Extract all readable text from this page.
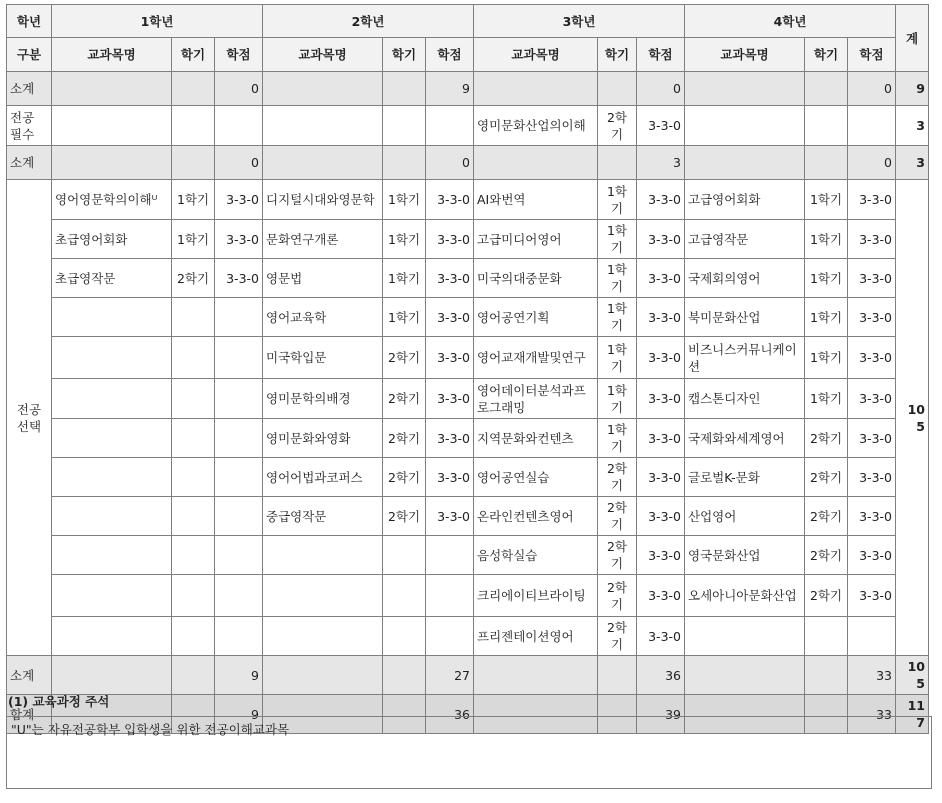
학년	1학년			2학년			3학년			4학년			계
구분	교과목명	학기	학점	교과목명	학기	학점	교과목명	학기	학점	교과목명	학기	학점	
소계			0			9			0			0	9
전공
필수							영미문화산업의이해	2학기	3-3-0				3
소계			0			0			3			0	3
전공
선택	영어영문학의이해ᵁ	1학기	3-3-0	디지털시대와영문학	1학기	3-3-0	AI와번역	1학기	3-3-0	고급영어회화	1학기	3-3-0	105
	초급영어회화	1학기	3-3-0	문화연구개론	1학기	3-3-0	고급미디어영어	1학기	3-3-0	고급영작문	1학기	3-3-0	
	초급영작문	2학기	3-3-0	영문법	1학기	3-3-0	미국의대중문화	1학기	3-3-0	국제회의영어	1학기	3-3-0	
				영어교육학	1학기	3-3-0	영어공연기획	1학기	3-3-0	북미문화산업	1학기	3-3-0	
				미국학입문	2학기	3-3-0	영어교재개발및연구	1학기	3-3-0	비즈니스커뮤니케이션	1학기	3-3-0	
				영미문학의배경	2학기	3-3-0	영어데이터분석과프로그래밍	1학기	3-3-0	캡스톤디자인	1학기	3-3-0	
				영미문화와영화	2학기	3-3-0	지역문화와컨텐츠	1학기	3-3-0	국제화와세계영어	2학기	3-3-0	
				영어어법과코퍼스	2학기	3-3-0	영어공연실습	2학기	3-3-0	글로벌K-문화	2학기	3-3-0	
				중급영작문	2학기	3-3-0	온라인컨텐츠영어	2학기	3-3-0	산업영어	2학기	3-3-0	
							음성학실습	2학기	3-3-0	영국문화산업	2학기	3-3-0	
							크리에이티브라이팅	2학기	3-3-0	오세아니아문화산업	2학기	3-3-0	
							프리젠테이션영어	2학기	3-3-0				
소계			9			27			36			33	105
합계			9			36			39			33	117
(1) 교육과정 주석
"U"는 자유전공학부 입학생을 위한 전공이해교과목
